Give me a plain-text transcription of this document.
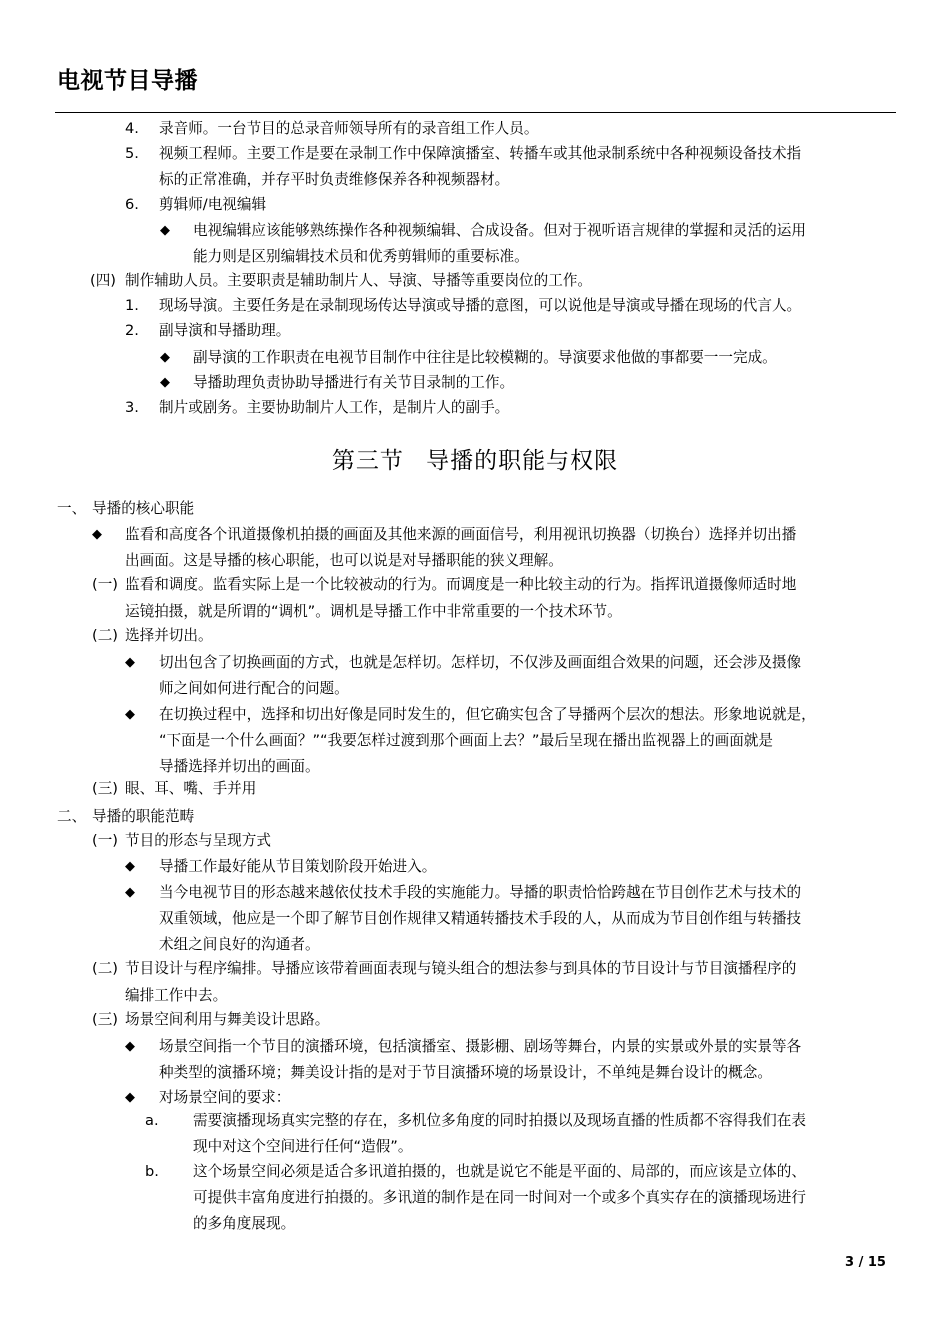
电视节目导播
4. 录音师。一台节目的总录音师领导所有的录音组工作人员。
5. 视频工程师。主要工作是要在录制工作中保障演播室、转播车或其他录制系统中各种视频设备技术指
标的正常准确，并存平时负责维修保养各种视频器材。
6. 剪辑师/电视编辑
◆ 电视编辑应该能够熟练操作各种视频编辑、合成设备。但对于视听语言规律的掌握和灵活的运用
能力则是区别编辑技术员和优秀剪辑师的重要标准。
(四) 制作辅助人员。主要职责是辅助制片人、导演、导播等重要岗位的工作。
1. 现场导演。主要任务是在录制现场传达导演或导播的意图，可以说他是导演或导播在现场的代言人。
2. 副导演和导播助理。
◆ 副导演的工作职责在电视节目制作中往往是比较模糊的。导演要求他做的事都要一一完成。
◆ 导播助理负责协助导播进行有关节目录制的工作。
3. 制片或剧务。主要协助制片人工作，是制片人的副手。
一、 导播的核心职能
◆ 监看和高度各个讯道摄像机拍摄的画面及其他来源的画面信号，利用视讯切换器（切换台）选择并切出播
出画面。这是导播的核心职能，也可以说是对导播职能的狭义理解。
(一) 监看和调度。监看实际上是一个比较被动的行为。而调度是一种比较主动的行为。指挥讯道摄像师适时地
运镜拍摄，就是所谓的“调机”。调机是导播工作中非常重要的一个技术环节。
(二) 选择并切出。
◆ 切出包含了切换画面的方式，也就是怎样切。怎样切，不仅涉及画面组合效果的问题，还会涉及摄像
师之间如何进行配合的问题。
◆ 在切换过程中，选择和切出好像是同时发生的，但它确实包含了导播两个层次的想法。形象地说就是，
“下面是一个什么画面？”“我要怎样过渡到那个画面上去？”最后呈现在播出监视器上的画面就是
导播选择并切出的画面。
(三) 眼、耳、嘴、手并用
二、 导播的职能范畴
(一) 节目的形态与呈现方式
◆ 导播工作最好能从节目策划阶段开始进入。
◆ 当今电视节目的形态越来越依仗技术手段的实施能力。导播的职责恰恰跨越在节目创作艺术与技术的
双重领域，他应是一个即了解节目创作规律又精通转播技术手段的人，从而成为节目创作组与转播技
术组之间良好的沟通者。
(二) 节目设计与程序编排。导播应该带着画面表现与镜头组合的想法参与到具体的节目设计与节目演播程序的
编排工作中去。
(三) 场景空间利用与舞美设计思路。
◆ 场景空间指一个节目的演播环境，包括演播室、摄影棚、剧场等舞台，内景的实景或外景的实景等各
种类型的演播环境；舞美设计指的是对于节目演播环境的场景设计，不单纯是舞台设计的概念。
◆ 对场景空间的要求：
a. 需要演播现场真实完整的存在，多机位多角度的同时拍摄以及现场直播的性质都不容得我们在表
现中对这个空间进行任何“造假”。
b. 这个场景空间必须是适合多讯道拍摄的，也就是说它不能是平面的、局部的，而应该是立体的、
可提供丰富角度进行拍摄的。多讯道的制作是在同一时间对一个或多个真实存在的演播现场进行
的多角度展现。
第三节 导播的职能与权限
3 / 15
